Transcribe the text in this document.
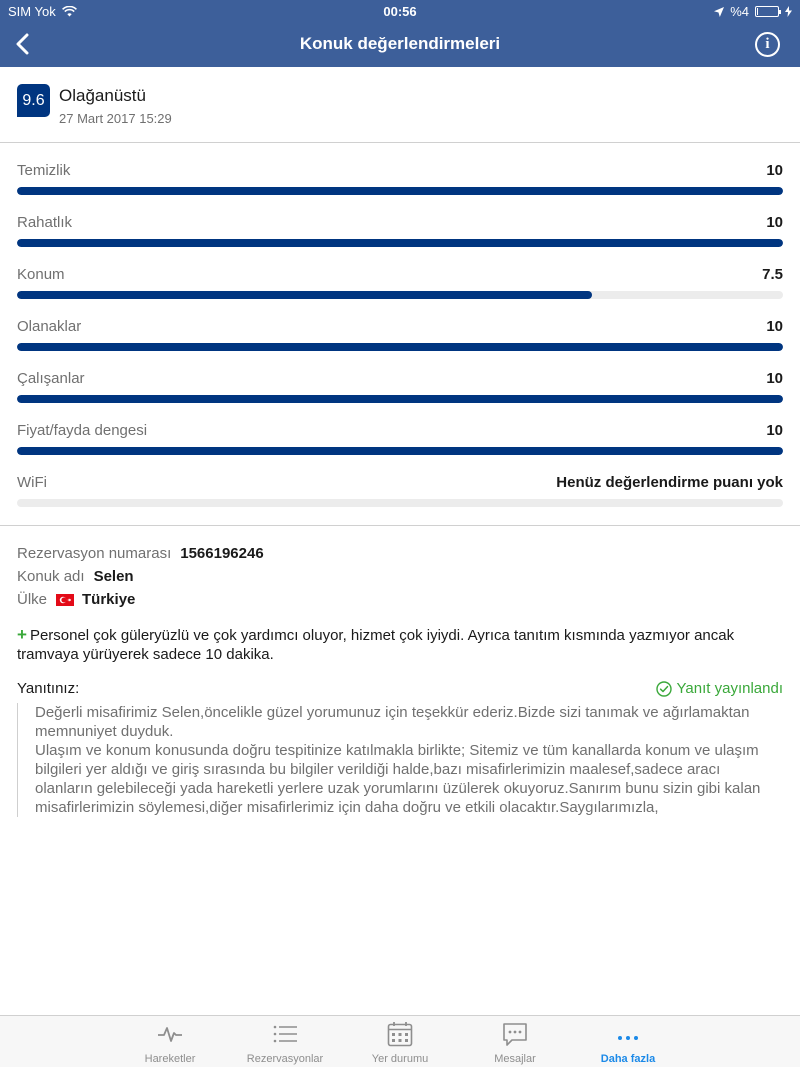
SIM Yok	00:56	%4
Konuk değerlendirmeleri	i
9.6 Olağanüstü
27 Mart 2017 15:29
Temizlik	10
Rahatlık	10
Konum	7.5
Olanaklar	10
Çalışanlar	10
Fiyat/fayda dengesi	10
WiFi	Henüz değerlendirme puanı yok
Rezervasyon numarası 1566196246
Konuk adı Selen
Ülke Türkiye
+ Personel çok güleryüzlü ve çok yardımcı oluyor, hizmet çok iyiydi. Ayrıca tanıtım kısmında yazmıyor ancak tramvaya yürüyerek sadece 10 dakika.
Yanıtınız:	Yanıt yayınlandı

Değerli misafirimiz Selen,öncelikle güzel yorumunuz için teşekkür ederiz.Bizde sizi tanımak ve ağırlamaktan memnuniyet duyduk.

Ulaşım ve konum konusunda doğru tespitinize katılmakla birlikte; Sitemiz ve tüm kanallarda konum ve ulaşım bilgileri yer aldığı ve giriş sırasında bu bilgiler verildiği halde,bazı misafirlerimizin maalesef,sadece aracı olanların gelebileceği yada hareketli yerlere uzak yorumlarını üzülerek okuyoruz.Sanırım bunu sizin gibi kalan misafirlerimizin söylemesi,diğer misafirlerimiz için daha doğru ve etkili olacaktır.Saygılarımızla,

Hareketler	Rezervasyonlar	Yer durumu	Mesajlar	Daha fazla
